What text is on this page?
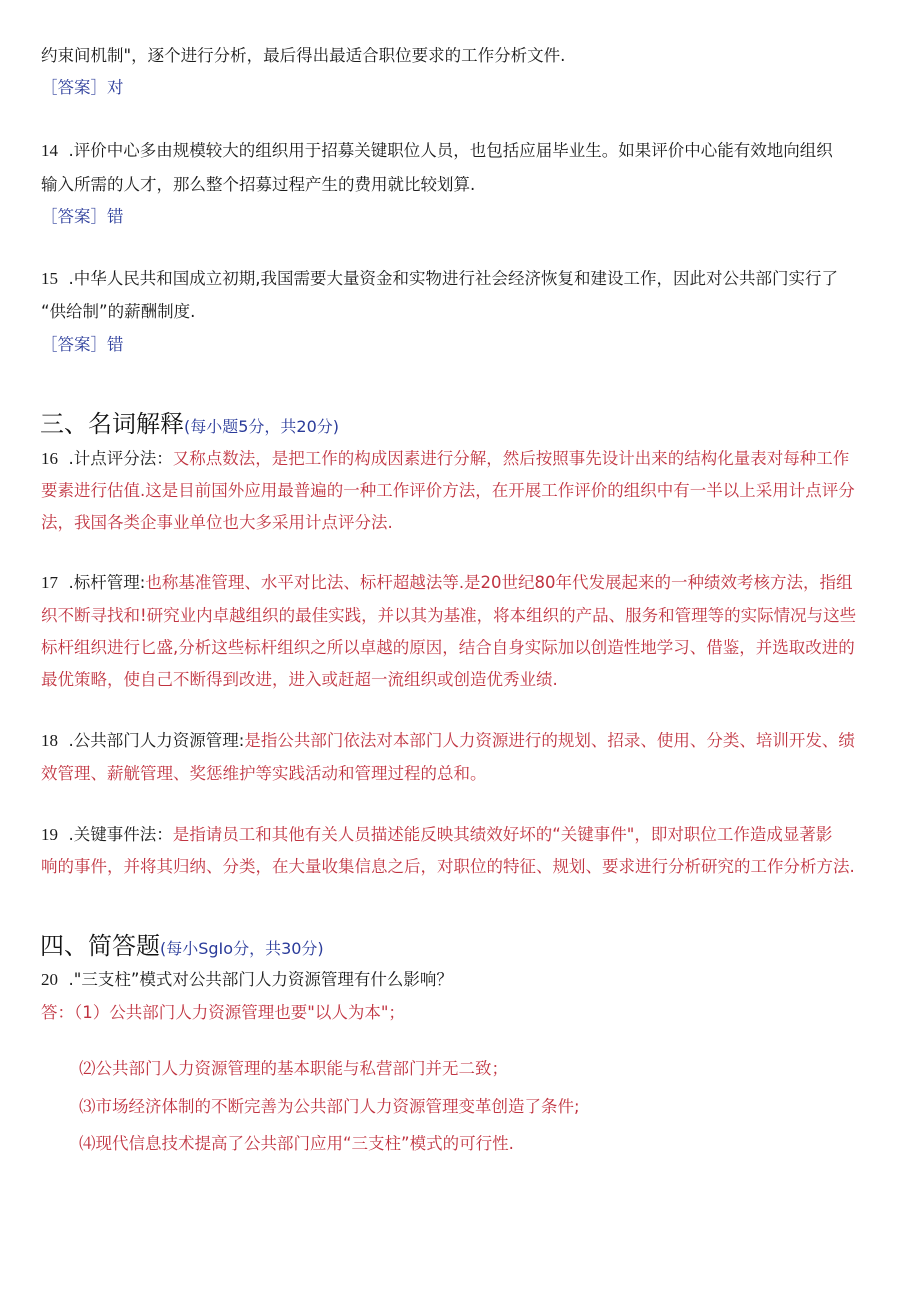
约束间机制"，逐个进行分析，最后得出最适合职位要求的工作分析文件.
［答案］对
14 .评价中心多由规模较大的组织用于招募关键职位人员，也包括应届毕业生。如果评价中心能有效地向组织
输入所需的人才，那么整个招募过程产生的费用就比较划算.
［答案］错
15 .中华人民共和国成立初期,我国需要大量资金和实物进行社会经济恢复和建设工作，因此对公共部门实行了
“供给制”的薪酬制度.
［答案］错
三、名词解释(每小题5分，共20分)
16 .计点评分法：又称点数法，是把工作的构成因素进行分解，然后按照事先设计出来的结构化量表对每种工作
要素进行估值.这是目前国外应用最普遍的一种工作评价方法，在开展工作评价的组织中有一半以上采用计点评分
法，我国各类企事业单位也大多采用计点评分法.
17 .标杆管理:也称基准管理、水平对比法、标杆超越法等.是20世纪80年代发展起来的一种绩效考核方法，指组
织不断寻找和!研究业内卓越组织的最佳实践，并以其为基准，将本组织的产品、服务和管理等的实际情况与这些
标杆组织进行匕盛,分析这些标杆组织之所以卓越的原因，结合自身实际加以创造性地学习、借鉴，并选取改进的
最优策略，使自己不断得到改进，进入或赶超一流组织或创造优秀业绩.
18 .公共部门人力资源管理:是指公共部门依法对本部门人力资源进行的规划、招录、使用、分类、培训开发、绩
效管理、薪觥管理、奖惩维护等实践活动和管理过程的总和。
19 .关键事件法：是指请员工和其他有关人员描述能反映其绩效好坏的“关键事件"，即对职位工作造成显著影
响的事件，并将其归纳、分类，在大量收集信息之后，对职位的特征、规划、要求进行分析研究的工作分析方法.
四、简答题(每小SgIo分，共30分)
20 ."三支柱”模式对公共部门人力资源管理有什么影响？
答：（1）公共部门人力资源管理也要"以人为本"；
⑵公共部门人力资源管理的基本职能与私营部门并无二致；
⑶市场经济体制的不断完善为公共部门人力资源管理变革创造了条件;
⑷现代信息技术提高了公共部门应用“三支柱”模式的可行性.
